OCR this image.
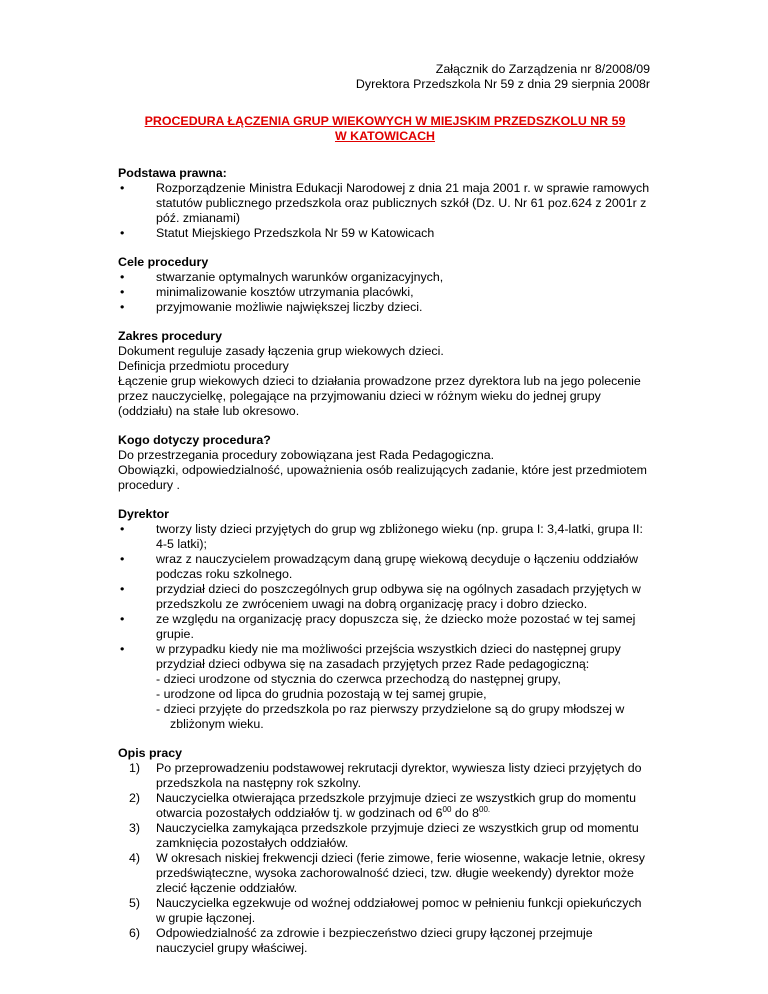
Załącznik do Zarządzenia nr 8/2008/09
Dyrektora Przedszkola Nr 59 z dnia 29 sierpnia 2008r
PROCEDURA ŁĄCZENIA GRUP WIEKOWYCH W MIEJSKIM PRZEDSZKOLU NR 59
W KATOWICACH
Podstawa prawna:
• Rozporządzenie Ministra Edukacji Narodowej z dnia 21 maja 2001 r. w sprawie ramowych statutów publicznego przedszkola oraz publicznych szkół (Dz. U. Nr 61 poz.624 z 2001r z póź. zmianami)
• Statut Miejskiego Przedszkola Nr 59 w Katowicach
Cele procedury
• stwarzanie optymalnych warunków organizacyjnych,
• minimalizowanie kosztów utrzymania placówki,
• przyjmowanie możliwie największej liczby dzieci.
Zakres procedury
Dokument reguluje zasady łączenia grup wiekowych dzieci.
Definicja przedmiotu procedury
Łączenie grup wiekowych dzieci to działania prowadzone przez dyrektora lub na jego polecenie przez nauczycielkę, polegające na przyjmowaniu dzieci w różnym wieku do jednej grupy (oddziału) na stałe lub okresowo.
Kogo dotyczy procedura?
Do przestrzegania procedury zobowiązana jest Rada Pedagogiczna.
Obowiązki, odpowiedzialność, upoważnienia osób realizujących zadanie, które jest przedmiotem procedury .
Dyrektor
• tworzy listy dzieci przyjętych do grup wg zbliżonego wieku (np. grupa I: 3,4-latki, grupa II: 4-5 latki);
• wraz z nauczycielem prowadzącym daną grupę wiekową decyduje o łączeniu oddziałów podczas roku szkolnego.
• przydział dzieci do poszczególnych grup odbywa się na ogólnych zasadach przyjętych w przedszkolu ze zwróceniem uwagi na dobrą organizację pracy i dobro dziecko.
• ze względu na organizację pracy dopuszcza się, że dziecko może pozostać w tej samej grupie.
• w przypadku kiedy nie ma możliwości przejścia wszystkich dzieci do następnej grupy przydział dzieci odbywa się na zasadach przyjętych przez Rade pedagogiczną:
- dzieci urodzone od stycznia do czerwca przechodzą do następnej grupy,
- urodzone od lipca do grudnia pozostają w tej samej grupie,
- dzieci przyjęte do przedszkola po raz pierwszy przydzielone są do grupy młodszej w
zbliżonym wieku.
Opis pracy
1) Po przeprowadzeniu podstawowej rekrutacji dyrektor, wywiesza listy dzieci przyjętych do przedszkola na następny rok szkolny.
2) Nauczycielka otwierająca przedszkole przyjmuje dzieci ze wszystkich grup do momentu otwarcia pozostałych oddziałów tj. w godzinach od $6^{00}$ do $8^{00.}$
3) Nauczycielka zamykająca przedszkole przyjmuje dzieci ze wszystkich grup od momentu zamknięcia pozostałych oddziałów.
4) W okresach niskiej frekwencji dzieci (ferie zimowe, ferie wiosenne, wakacje letnie, okresy przedświąteczne, wysoka zachorowalność dzieci, tzw. długie weekendy) dyrektor może zlecić łączenie oddziałów.
5) Nauczycielka egzekwuje od woźnej oddziałowej pomoc w pełnieniu funkcji opiekuńczych w grupie łączonej.
6) Odpowiedzialność za zdrowie i bezpieczeństwo dzieci grupy łączonej przejmuje nauczyciel grupy właściwej.
